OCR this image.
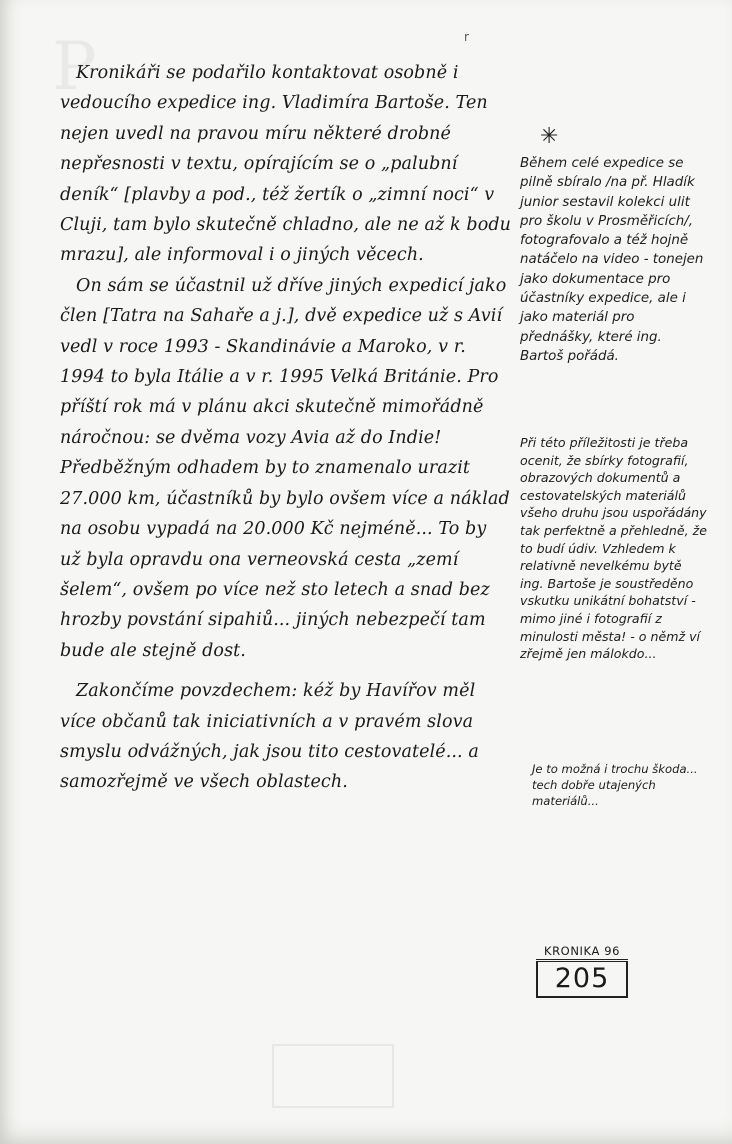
P	r

Kronikáři se podařilo kontaktovat osobně i vedoucího expedice ing. Vladimíra Bartoše. Ten nejen uvedl na pravou míru některé drobné nepřesnosti v textu, opírajícím se o „palubní deník“ [plavby a pod., též žertík o „zimní noci“ v Cluji, tam bylo skutečně chladno, ale ne až k bodu mrazu], ale informoval i o jiných věcech.

On sám se účastnil už dříve jiných expedicí jako člen [Tatra na Sahaře a j.], dvě expedice už s Avií vedl v roce 1993 - Skandinávie a Maroko, v r. 1994 to byla Itálie a v r. 1995 Velká Británie. Pro příští rok má v plánu akci skutečně mimořádně náročnou: se dvěma vozy Avia až do Indie! Předběžným odhadem by to znamenalo urazit 27.000 km, účastníků by bylo ovšem více a náklad na osobu vypadá na 20.000 Kč nejméně... To by už byla opravdu ona verneovská cesta „zemí šelem“, ovšem po více než sto letech a snad bez hrozby povstání sipahiů... jiných nebezpečí tam bude ale stejně dost.

Zakončíme povzdechem: kéž by Havířov měl více občanů tak iniciativních a v pravém slova smyslu odvážných, jak jsou tito cestovatelé... a samozřejmě ve všech oblastech.

✳

Během celé expedice se pilně sbíralo /na př. Hladík junior sestavil kolekci ulit pro školu v Prosměřicích/, fotografovalo a též hojně natáčelo na video - tonejen jako dokumentace pro účastníky expedice, ale i jako materiál pro přednášky, které ing. Bartoš pořádá.

Při této příležitosti je třeba ocenit, že sbírky fotografií, obrazových dokumentů a cestovatelských materiálů všeho druhu jsou uspořádány tak perfektně a přehledně, že to budí údiv. Vzhledem k relativně nevelkému bytě ing. Bartoše je soustředěno vskutku unikátní bohatství - mimo jiné i fotografií z minulosti města! - o němž ví zřejmě jen málokdo...

Je to možná i trochu škoda... tech dobře utajených materiálů...

KRONIKA 96
205
